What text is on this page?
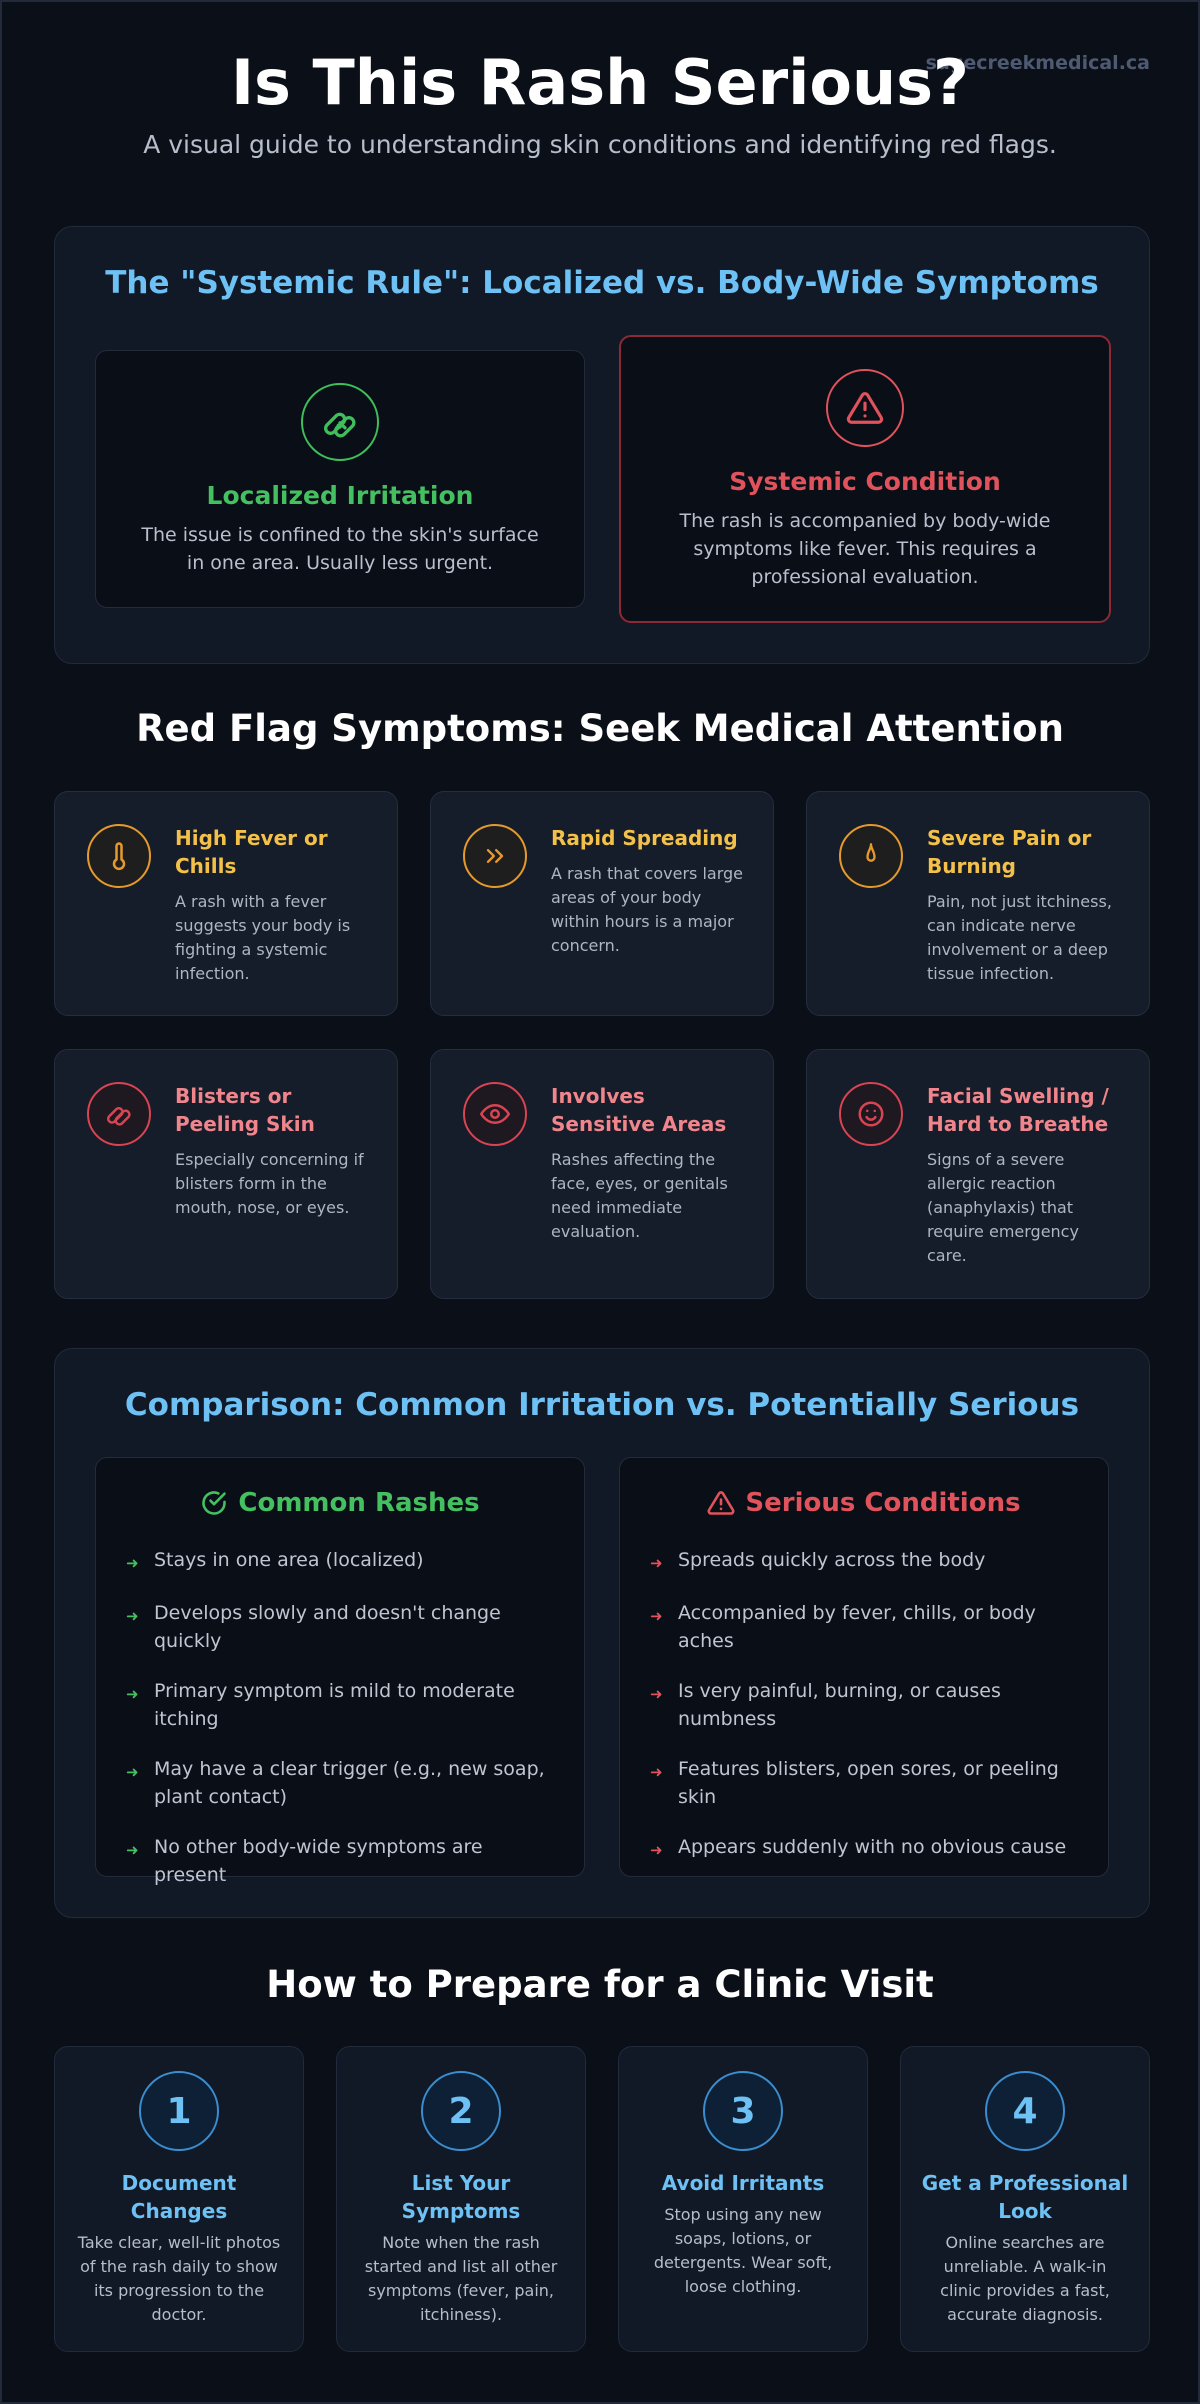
sagecreekmedical.ca
Is This Rash Serious?
A visual guide to understanding skin conditions and identifying red flags.
The "Systemic Rule": Localized vs. Body-Wide Symptoms
Localized Irritation

The issue is confined to the skin's surface in one area. Usually less urgent.

Systemic Condition

The rash is accompanied by body-wide symptoms like fever. This requires a professional evaluation.

Red Flag Symptoms: Seek Medical Attention
High Fever or Chills

A rash with a fever suggests your body is fighting a systemic infection.

Rapid Spreading

A rash that covers large areas of your body within hours is a major concern.

Severe Pain or Burning

Pain, not just itchiness, can indicate nerve involvement or a deep tissue infection.

Blisters or Peeling Skin

Especially concerning if blisters form in the mouth, nose, or eyes.

Involves Sensitive Areas

Rashes affecting the face, eyes, or genitals need immediate evaluation.

Facial Swelling / Hard to Breathe

Signs of a severe allergic reaction (anaphylaxis) that require emergency care.

Comparison: Common Irritation vs. Potentially Serious
Common Rashes
➜ Stays in one area (localized)
➜ Develops slowly and doesn't change quickly
➜ Primary symptom is mild to moderate itching
➜ May have a clear trigger (e.g., new soap, plant contact)
➜ No other body-wide symptoms are present
Serious Conditions
➜ Spreads quickly across the body
➜ Accompanied by fever, chills, or body aches
➜ Is very painful, burning, or causes numbness
➜ Features blisters, open sores, or peeling skin
➜ Appears suddenly with no obvious cause
How to Prepare for a Clinic Visit
1
Document Changes

Take clear, well-lit photos of the rash daily to show its progression to the doctor.

2
List Your Symptoms

Note when the rash started and list all other symptoms (fever, pain, itchiness).

3
Avoid Irritants

Stop using any new soaps, lotions, or detergents. Wear soft, loose clothing.

4
Get a Professional Look

Online searches are unreliable. A walk-in clinic provides a fast, accurate diagnosis.
